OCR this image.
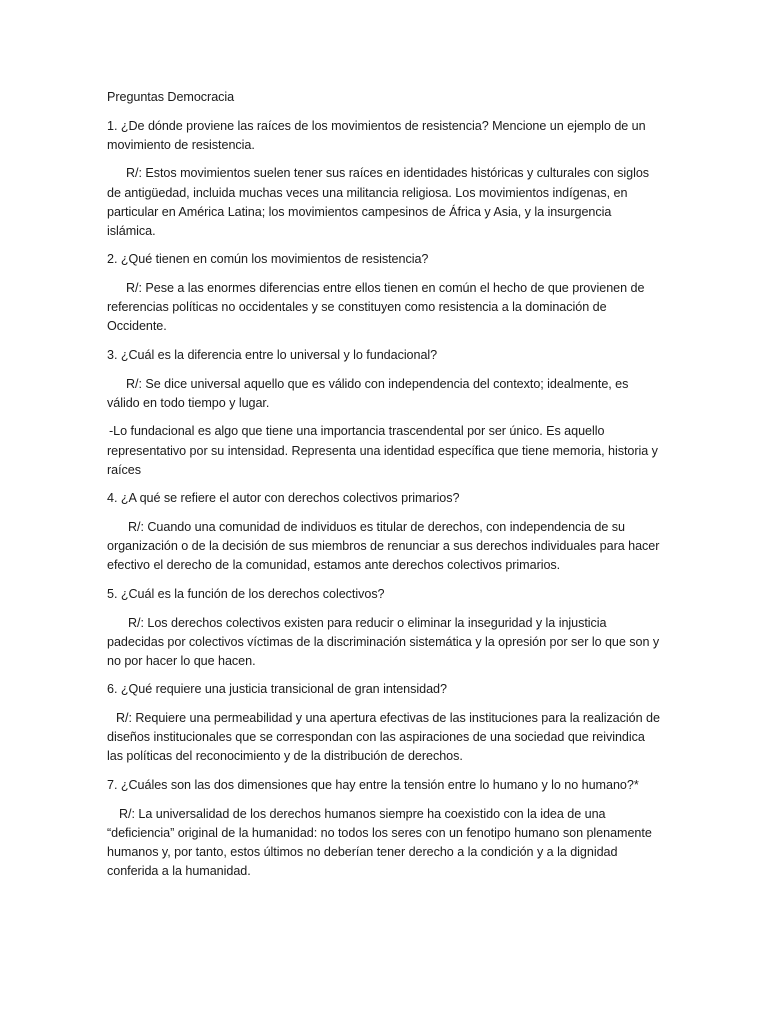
Preguntas Democracia

1. ¿De dónde proviene las raíces de los movimientos de resistencia? Mencione un ejemplo de un movimiento de resistencia.

R/: Estos movimientos suelen tener sus raíces en identidades históricas y culturales con siglos de antigüedad, incluida muchas veces una militancia religiosa. Los movimientos indígenas, en particular en América Latina; los movimientos campesinos de África y Asia, y la insurgencia islámica.

2. ¿Qué tienen en común los movimientos de resistencia?

R/: Pese a las enormes diferencias entre ellos tienen en común el hecho de que provienen de referencias políticas no occidentales y se constituyen como resistencia a la dominación de Occidente.

3. ¿Cuál es la diferencia entre lo universal y lo fundacional?

R/: Se dice universal aquello que es válido con independencia del contexto; idealmente, es válido en todo tiempo y lugar.

-Lo fundacional es algo que tiene una importancia trascendental por ser único. Es aquello representativo por su intensidad. Representa una identidad específica que tiene memoria, historia y raíces

4. ¿A qué se refiere el autor con derechos colectivos primarios?

R/: Cuando una comunidad de individuos es titular de derechos, con independencia de su organización o de la decisión de sus miembros de renunciar a sus derechos individuales para hacer efectivo el derecho de la comunidad, estamos ante derechos colectivos primarios.

5. ¿Cuál es la función de los derechos colectivos?

R/: Los derechos colectivos existen para reducir o eliminar la inseguridad y la injusticia padecidas por colectivos víctimas de la discriminación sistemática y la opresión por ser lo que son y no por hacer lo que hacen.

6. ¿Qué requiere una justicia transicional de gran intensidad?

R/: Requiere una permeabilidad y una apertura efectivas de las instituciones para la realización de diseños institucionales que se correspondan con las aspiraciones de una sociedad que reivindica las políticas del reconocimiento y de la distribución de derechos.

7. ¿Cuáles son las dos dimensiones que hay entre la tensión entre lo humano y lo no humano?*

R/: La universalidad de los derechos humanos siempre ha coexistido con la idea de una “deficiencia” original de la humanidad: no todos los seres con un fenotipo humano son plenamente humanos y, por tanto, estos últimos no deberían tener derecho a la condición y a la dignidad conferida a la humanidad.
